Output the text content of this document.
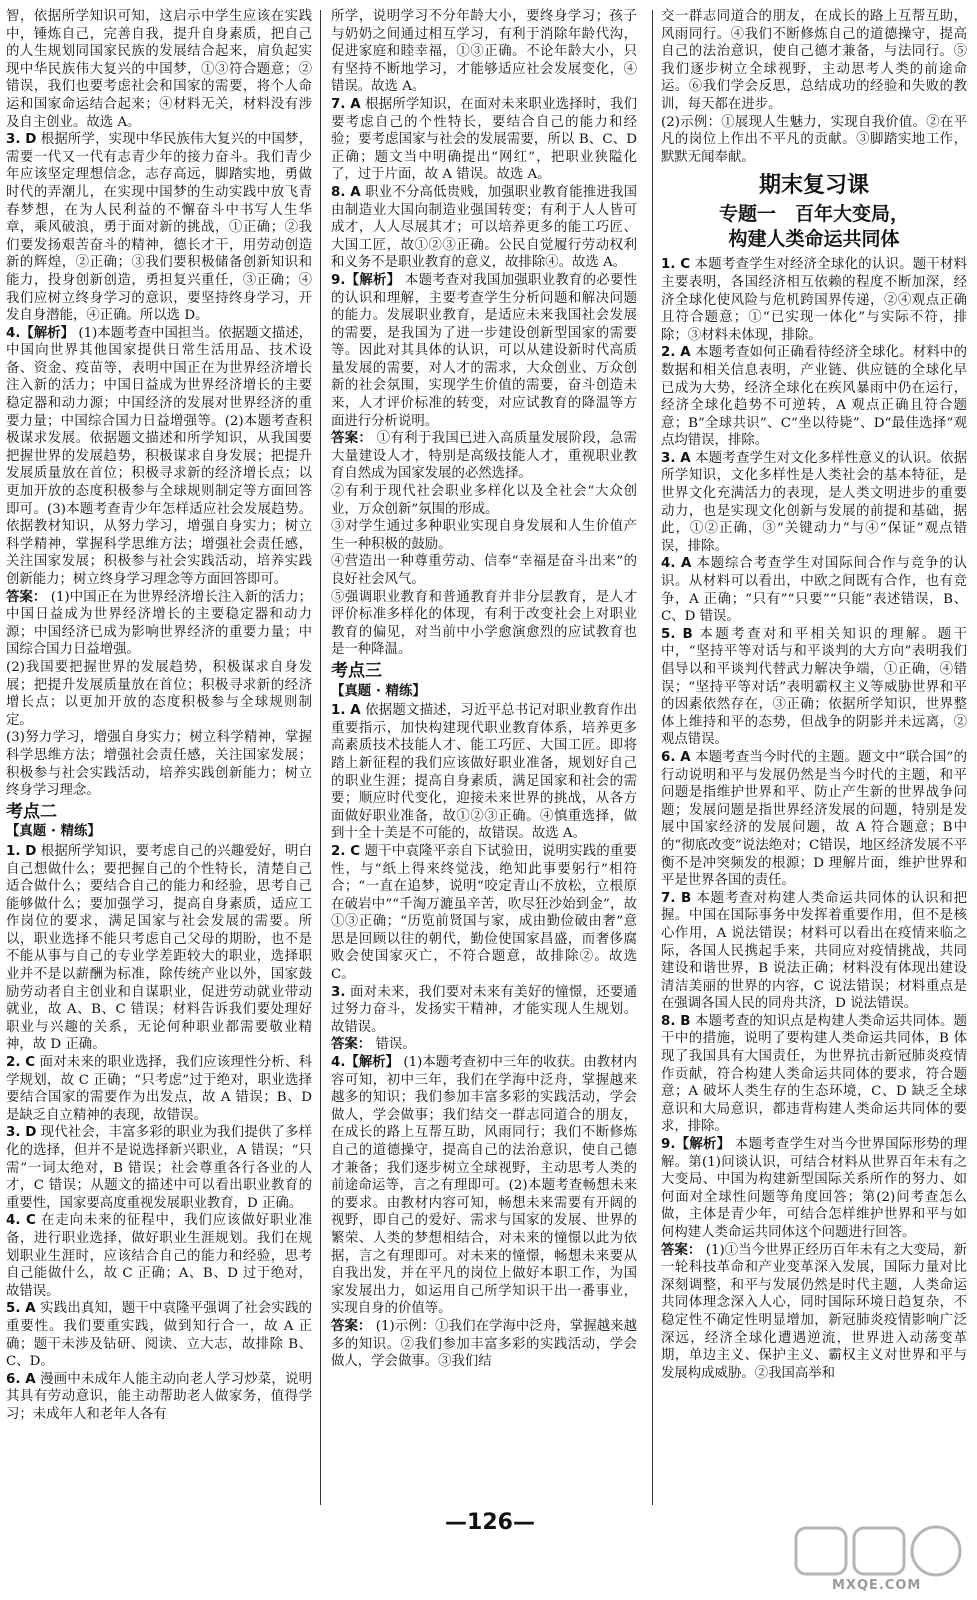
智，依据所学知识可知，这启示中学生应该在实践中，锤炼自己，完善自我，提升自身素质，把自己的人生规划同国家民族的发展结合起来，肩负起实现中华民族伟大复兴的中国梦，①③符合题意；②错误，我们也要考虑社会和国家的需要，将个人命运和国家命运结合起来；④材料无关，材料没有涉及自主创业。故选 A。

3. D 根据所学，实现中华民族伟大复兴的中国梦，需要一代又一代有志青少年的接力奋斗。我们青少年应该坚定理想信念，志存高远，脚踏实地，勇做时代的弄潮儿，在实现中国梦的生动实践中放飞青春梦想，在为人民利益的不懈奋斗中书写人生华章，乘风破浪，勇于面对新的挑战，①正确；②我们要发扬艰苦奋斗的精神，德长才干，用劳动创造新的辉煌，②正确；③我们要积极储备创新知识和能力，投身创新创造，勇担复兴重任，③正确；④我们应树立终身学习的意识，要坚持终身学习，开发自身潜能，④正确。所以选 D。

4.【解析】 (1)本题考查中国担当。依据题文描述，中国向世界其他国家提供日常生活用品、技术设备、资金、疫苗等，表明中国正在为世界经济增长注入新的活力；中国日益成为世界经济增长的主要稳定器和动力源；中国经济的发展对世界经济的重要力量；中国综合国力日益增强等。(2)本题考查积极谋求发展。依据题文描述和所学知识，从我国要把握世界的发展趋势，积极谋求自身发展；把提升发展质量放在首位；积极寻求新的经济增长点；以更加开放的态度积极参与全球规则制定等方面回答即可。(3)本题考查青少年怎样适应社会发展趋势。依据教材知识，从努力学习，增强自身实力；树立科学精神，掌握科学思维方法；增强社会责任感，关注国家发展；积极参与社会实践活动，培养实践创新能力；树立终身学习理念等方面回答即可。

答案： (1)中国正在为世界经济增长注入新的活力；中国日益成为世界经济增长的主要稳定器和动力源；中国经济已成为影响世界经济的重要力量；中国综合国力日益增强。

(2)我国要把握世界的发展趋势，积极谋求自身发展；把提升发展质量放在首位；积极寻求新的经济增长点；以更加开放的态度积极参与全球规则制定。

(3)努力学习，增强自身实力；树立科学精神，掌握科学思维方法；增强社会责任感，关注国家发展；积极参与社会实践活动，培养实践创新能力；树立终身学习理念。

考点二
【真题 · 精练】

1. D 根据所学知识，要考虑自己的兴趣爱好，明白自己想做什么；要把握自己的个性特长，清楚自己适合做什么；要结合自己的能力和经验，思考自己能够做什么；要加强学习，提高自身素质，适应工作岗位的要求，满足国家与社会发展的需要。所以，职业选择不能只考虑自己父母的期盼，也不是不能从事与自己的专业学差距较大的职业，选择职业并不是以薪酬为标准，除传统产业以外，国家鼓励劳动者自主创业和自谋职业，促进劳动就业带动就业，故 A、B、C 错误；材料告诉我们要处理好职业与兴趣的关系，无论何种职业都需要敬业精神，故 D 正确。

2. C 面对未来的职业选择，我们应该理性分析、科学规划，故 C 正确；“只考虑”过于绝对，职业选择要结合国家的需要作为出发点，故 A 错误；B、D 是缺乏自立精神的表现，故错误。

3. D 现代社会，丰富多彩的职业为我们提供了多样化的选择，但并不是说选择新兴职业，A 错误；“只需”一词太绝对，B 错误；社会尊重各行各业的人才，C 错误；从题文的描述中可以看出职业教育的重要性，国家要高度重视发展职业教育，D 正确。

4. C 在走向未来的征程中，我们应该做好职业准备，进行职业选择，做好职业生涯规划。我们在规划职业生涯时，应该结合自己的能力和经验，思考自己能做什么，故 C 正确；A、B、D 过于绝对，故错误。

5. A 实践出真知，题干中袁隆平强调了社会实践的重要性。我们要重实践，做到知行合一，故 A 正确；题干未涉及钻研、阅读、立大志，故排除 B、C、D。

6. A 漫画中未成年人能主动向老人学习炒菜，说明其具有劳动意识，能主动帮助老人做家务，值得学习；未成年人和老年人各有

所学，说明学习不分年龄大小，要终身学习；孩子与奶奶之间通过相互学习，有利于消除年龄代沟，促进家庭和睦幸福，①③正确。不论年龄大小，只有坚持不断地学习，才能够适应社会发展变化，④错误。故选 A。

7. A 根据所学知识，在面对未来职业选择时，我们要考虑自己的个性特长，要结合自己的能力和经验；要考虑国家与社会的发展需要，所以 B、C、D 正确；题文当中明确提出“网红”，把职业狭隘化了，过于片面，故 A 错误。故选 A。

8. A 职业不分高低贵贱，加强职业教育能推进我国由制造业大国向制造业强国转变；有利于人人皆可成才，人人尽展其才；可以培养更多的能工巧匠、大国工匠，故①②③正确。公民自觉履行劳动权利和义务不是职业教育的意义，故排除④。故选 A。

9.【解析】 本题考查对我国加强职业教育的必要性的认识和理解，主要考查学生分析问题和解决问题的能力。发展职业教育，是适应未来我国社会发展的需要，是我国为了进一步建设创新型国家的需要等。因此对其具体的认识，可以从建设新时代高质量发展的需要，对人才的需求，大众创业、万众创新的社会氛围，实现学生价值的需要，奋斗创造未来，人才评价标准的转变，对应试教育的降温等方面进行分析说明。

答案： ①有利于我国已进入高质量发展阶段，急需大量建设人才，特别是高级技能人才，重视职业教育自然成为国家发展的必然选择。

②有利于现代社会职业多样化以及全社会“大众创业，万众创新”氛围的形成。

③对学生通过多种职业实现自身发展和人生价值产生一种积极的鼓励。

④营造出一种尊重劳动、信奉“幸福是奋斗出来”的良好社会风气。

⑤强调职业教育和普通教育并非分层教育，是人才评价标准多样化的体现，有利于改变社会上对职业教育的偏见，对当前中小学愈演愈烈的应试教育也是一种降温。

考点三
【真题 · 精练】

1. A 依据题文描述，习近平总书记对职业教育作出重要指示，加快构建现代职业教育体系，培养更多高素质技术技能人才、能工巧匠、大国工匠。即将踏上新征程的我们应该做好职业准备，规划好自己的职业生涯；提高自身素质，满足国家和社会的需要；顺应时代变化，迎接未来世界的挑战，从各方面做好职业准备，故①②③正确。④慎重选择，做到十全十美是不可能的，故错误。故选 A。

2. C 题干中袁隆平亲自下试验田，说明实践的重要性，与“纸上得来终觉浅，绝知此事要躬行”相符合；“一直在追梦，说明“咬定青山不放松，立根原在破岩中”“千淘万漉虽辛苦，吹尽狂沙始到金”，故①③正确；“历览前贤国与家，成由勤俭破由奢”意思是回顾以往的朝代，勤俭使国家昌盛，而奢侈腐败会使国家灭亡，不符合题意，故排除②。故选 C。

3. 面对未来，我们要对未来有美好的憧憬，还要通过努力奋斗，发扬实干精神，才能实现人生规划。故错误。

答案： 错误。

4.【解析】 (1)本题考查初中三年的收获。由教材内容可知，初中三年，我们在学海中泛舟，掌握越来越多的知识；我们参加丰富多彩的实践活动，学会做人，学会做事；我们结交一群志同道合的朋友，在成长的路上互帮互助，风雨同行；我们不断修炼自己的道德操守，提高自己的法治意识，使自己德才兼备；我们逐步树立全球视野，主动思考人类的前途命运等，言之有理即可。(2)本题考查畅想未来的要求。由教材内容可知，畅想未来需要有开阔的视野，即自己的爱好、需求与国家的发展、世界的繁荣、人类的梦想相结合，对未来的憧憬以此为依据，言之有理即可。对未来的憧憬，畅想未来要从自我出发，并在平凡的岗位上做好本职工作，为国家发展出力，如运用自己所学知识干出一番事业，实现自身的价值等。

答案： (1)示例：①我们在学海中泛舟，掌握越来越多的知识。②我们参加丰富多彩的实践活动，学会做人，学会做事。③我们结

交一群志同道合的朋友，在成长的路上互帮互助，风雨同行。④我们不断修炼自己的道德操守，提高自己的法治意识，使自己德才兼备，与法同行。⑤我们逐步树立全球视野，主动思考人类的前途命运。⑥我们学会反思，总结成功的经验和失败的教训，每天都在进步。

(2)示例：①展现人生魅力，实现自我价值。②在平凡的岗位上作出不平凡的贡献。③脚踏实地工作，默默无闻奉献。

期末复习课
专题一　百年大变局，
构建人类命运共同体

1. C 本题考查学生对经济全球化的认识。题干材料主要表明，各国经济相互依赖的程度不断加深，经济全球化使风险与危机跨国界传递，②④观点正确且符合题意；①“已实现一体化”与实际不符，排除；③材料未体现，排除。

2. A 本题考查如何正确看待经济全球化。材料中的数据和相关信息表明，产业链、供应链的全球化早已成为大势，经济全球化在疾风暴雨中仍在运行，经济全球化趋势不可逆转，A 观点正确且符合题意；B“全球共识”、C“坐以待毙”、D“最佳选择”观点均错误，排除。

3. A 本题考查学生对文化多样性意义的认识。依据所学知识，文化多样性是人类社会的基本特征，是世界文化充满活力的表现，是人类文明进步的重要动力，也是实现文化创新与发展的前提和基础，据此，①②正确，③“关键动力”与④“保证”观点错误，排除。

4. A 本题综合考查学生对国际间合作与竞争的认识。从材料可以看出，中欧之间既有合作，也有竞争，A 正确；“只有”“只要”“只能”表述错误，B、C、D 错误。

5. B 本题考查对和平相关知识的理解。题干中，“坚持平等对话与和平谈判的大方向”表明我们倡导以和平谈判代替武力解决争端，①正确，④错误；“坚持平等对话”表明霸权主义等威胁世界和平的因素依然存在，③正确；依据所学知识，世界整体上维持和平的态势，但战争的阴影并未远离，②观点错误。

6. A 本题考查当今时代的主题。题文中“联合国”的行动说明和平与发展仍然是当今时代的主题，和平问题是指维护世界和平、防止产生新的世界战争问题；发展问题是指世界经济发展的问题，特别是发展中国家经济的发展问题，故 A 符合题意；B中的“彻底改变”说法绝对；C错误，地区经济发展不平衡不是冲突频发的根源；D 理解片面，维护世界和平是世界各国的责任。

7. B 本题考查对构建人类命运共同体的认识和把握。中国在国际事务中发挥着重要作用，但不是核心作用，A 说法错误；材料可以看出在疫情来临之际，各国人民携起手来，共同应对疫情挑战，共同建设和谐世界，B 说法正确；材料没有体现出建设清洁美丽的世界的内容，C 说法错误；材料重点是在强调各国人民的同舟共济，D 说法错误。

8. B 本题考查的知识点是构建人类命运共同体。题干中的措施，说明了要构建人类命运共同体，B 体现了我国具有大国责任，为世界抗击新冠肺炎疫情作贡献，符合构建人类命运共同体的要求，符合题意；A 破坏人类生存的生态环境，C、D 缺乏全球意识和大局意识，都违背构建人类命运共同体的要求，排除。

9.【解析】 本题考查学生对当今世界国际形势的理解。第(1)问谈认识，可结合材料从世界百年未有之大变局、中国为构建新型国际关系所作的努力、如何面对全球性问题等角度回答；第(2)问考查怎么做，主体是青少年，可结合怎样维护世界和平与如何构建人类命运共同体这个问题进行回答。

答案： (1)①当今世界正经历百年未有之大变局，新一轮科技革命和产业变革深入发展，国际力量对比深刻调整，和平与发展仍然是时代主题，人类命运共同体理念深入人心，同时国际环境日趋复杂，不稳定性不确定性明显增加，新冠肺炎疫情影响广泛深远，经济全球化遭遇逆流，世界进入动荡变革期，单边主义、保护主义、霸权主义对世界和平与发展构成威胁。②我国高举和

—126—
MXQE.COM
